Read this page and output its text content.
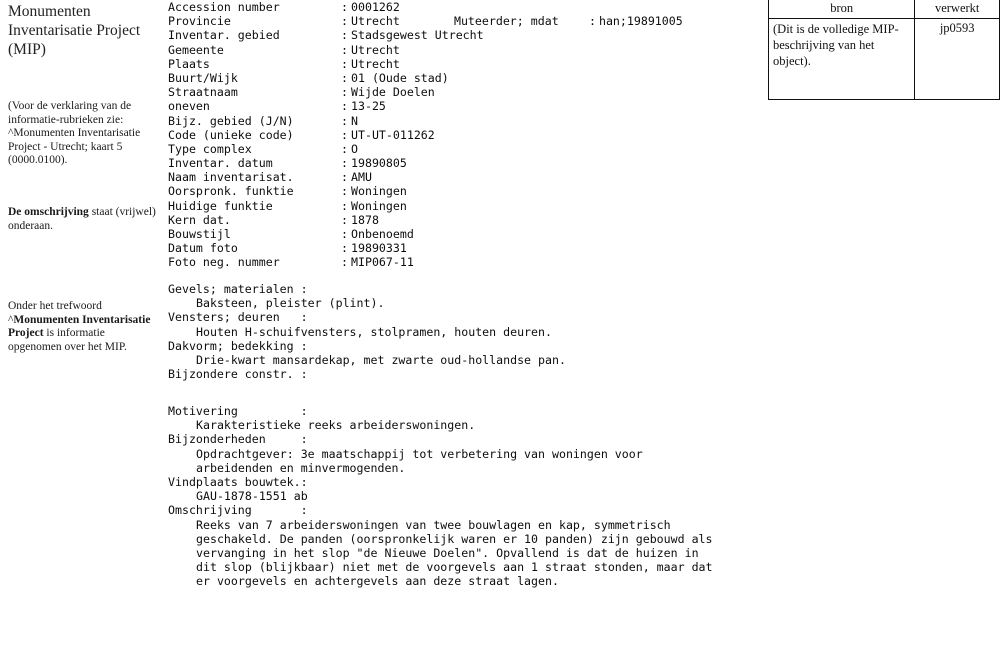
Monumenten Inventarisatie Project (MIP)
(Voor de verklaring van de informatie-rubrieken zie: ^Monumenten Inventarisatie Project - Utrecht; kaart 5 (0000.0100).
De omschrijving staat (vrijwel) onderaan.
Onder het trefwoord ^Monumenten Inventarisatie Project is informatie opgenomen over het MIP.

Muteerder; mdat	: han;19891005

Accession number	: 0001262
Provincie	: Utrecht
Inventar. gebied	: Stadsgewest Utrecht
Gemeente	: Utrecht
Plaats	: Utrecht
Buurt/Wijk	: 01 (Oude stad)
Straatnaam	: Wijde Doelen
oneven	: 13-25
Bijz. gebied (J/N)	: N
Code (unieke code)	: UT-UT-011262
Type complex	: O
Inventar. datum	: 19890805
Naam inventarisat.	: AMU
Oorspronk. funktie	: Woningen
Huidige funktie	: Woningen
Kern dat.	: 1878
Bouwstijl	: Onbenoemd
Datum foto	: 19890331
Foto neg. nummer	: MIP067-11
Gevels; materialen :
Baksteen, pleister (plint).
Vensters; deuren   :
Houten H-schuifvensters, stolpramen, houten deuren.
Dakvorm; bedekking :
Drie-kwart mansardekap, met zwarte oud-hollandse pan.
Bijzondere constr. :
Motivering         :
Karakteristieke reeks arbeiderswoningen.
Bijzonderheden     :
Opdrachtgever: 3e maatschappij tot verbetering van woningen voor
arbeidenden en minvermogenden.
Vindplaats bouwtek.:
GAU-1878-1551 ab
Omschrijving       :
Reeks van 7 arbeiderswoningen van twee bouwlagen en kap, symmetrisch
geschakeld. De panden (oorspronkelijk waren er 10 panden) zijn gebouwd als
vervanging in het slop "de Nieuwe Doelen". Opvallend is dat de huizen in
dit slop (blijkbaar) niet met de voorgevels aan 1 straat stonden, maar dat
er voorgevels en achtergevels aan deze straat lagen.
bron	verwerkt
(Dit is de volledige MIP-beschrijving van het object).	jp0593
